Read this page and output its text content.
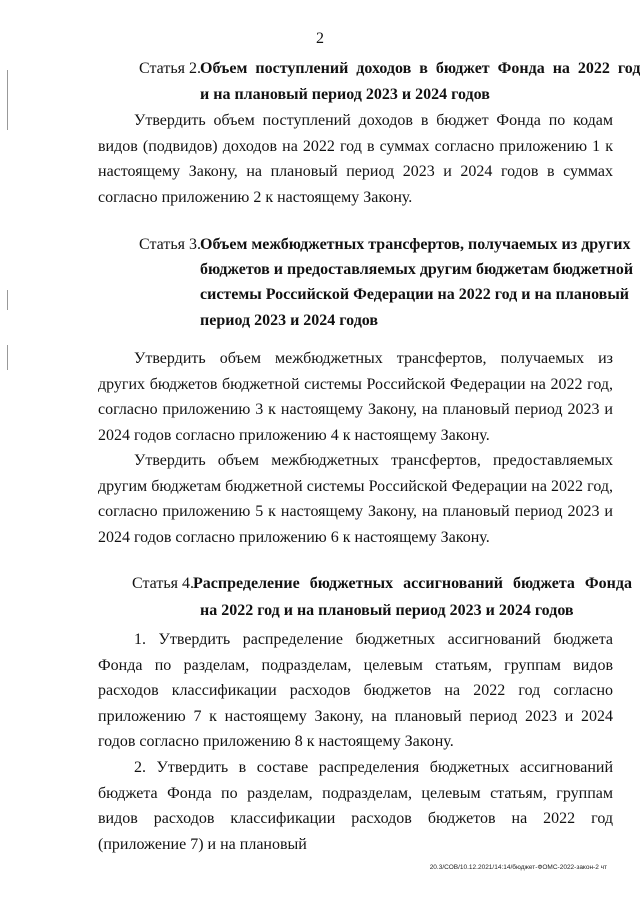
2
Статья 2. Объем поступлений доходов в бюджет Фонда на 2022 год
и на плановый период 2023 и 2024 годов

Утвердить объем поступлений доходов в бюджет Фонда по кодам видов (подвидов) доходов на 2022 год в суммах согласно приложению 1 к настоящему Закону, на плановый период 2023 и 2024 годов в суммах согласно приложению 2 к настоящему Закону.

Статья 3. Объем межбюджетных трансфертов, получаемых из других
бюджетов и предоставляемых другим бюджетам бюджетной
системы Российской Федерации на 2022 год и на плановый
период 2023 и 2024 годов

Утвердить объем межбюджетных трансфертов, получаемых из других бюджетов бюджетной системы Российской Федерации на 2022 год, согласно приложению 3 к настоящему Закону, на плановый период 2023 и 2024 годов согласно приложению 4 к настоящему Закону.

Утвердить объем межбюджетных трансфертов, предоставляемых другим бюджетам бюджетной системы Российской Федерации на 2022 год, согласно приложению 5 к настоящему Закону, на плановый период 2023 и 2024 годов согласно приложению 6 к настоящему Закону.

Статья 4. Распределение бюджетных ассигнований бюджета Фонда
на 2022 год и на плановый период 2023 и 2024 годов

1. Утвердить распределение бюджетных ассигнований бюджета Фонда по разделам, подразделам, целевым статьям, группам видов расходов классификации расходов бюджетов на 2022 год согласно приложению 7 к настоящему Закону, на плановый период 2023 и 2024 годов согласно приложению 8 к настоящему Закону.

2. Утвердить в составе распределения бюджетных ассигнований бюджета Фонда по разделам, подразделам, целевым статьям, группам видов расходов классификации расходов бюджетов на 2022 год (приложение 7) и на плановый

20.3/СОВ/10.12.2021/14:14/бюджет-ФОМС-2022-закон-2 чт
